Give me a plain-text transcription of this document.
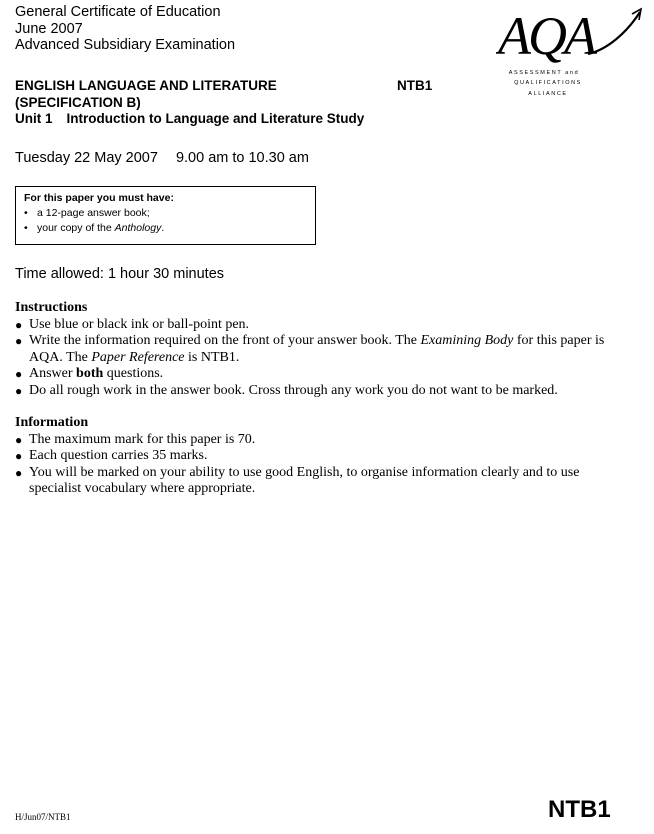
General Certificate of Education
June 2007
Advanced Subsidiary Examination	AQA
ASSESSMENT and
QUALIFICATIONS
ALLIANCE
ENGLISH LANGUAGE AND LITERATURE
(SPECIFICATION B)
Unit 1 Introduction to Language and Literature Study
NTB1
Tuesday 22 May 2007 9.00 am to 10.30 am
For this paper you must have:
• a 12-page answer book;
• your copy of the Anthology.
Time allowed: 1 hour 30 minutes
Instructions
● Use blue or black ink or ball-point pen.
● Write the information required on the front of your answer book. The Examining Body for this paper is AQA. The Paper Reference is NTB1.
● Answer both questions.
● Do all rough work in the answer book. Cross through any work you do not want to be marked.
Information
● The maximum mark for this paper is 70.
● Each question carries 35 marks.
● You will be marked on your ability to use good English, to organise information clearly and to use specialist vocabulary where appropriate.
H/Jun07/NTB1	NTB1
